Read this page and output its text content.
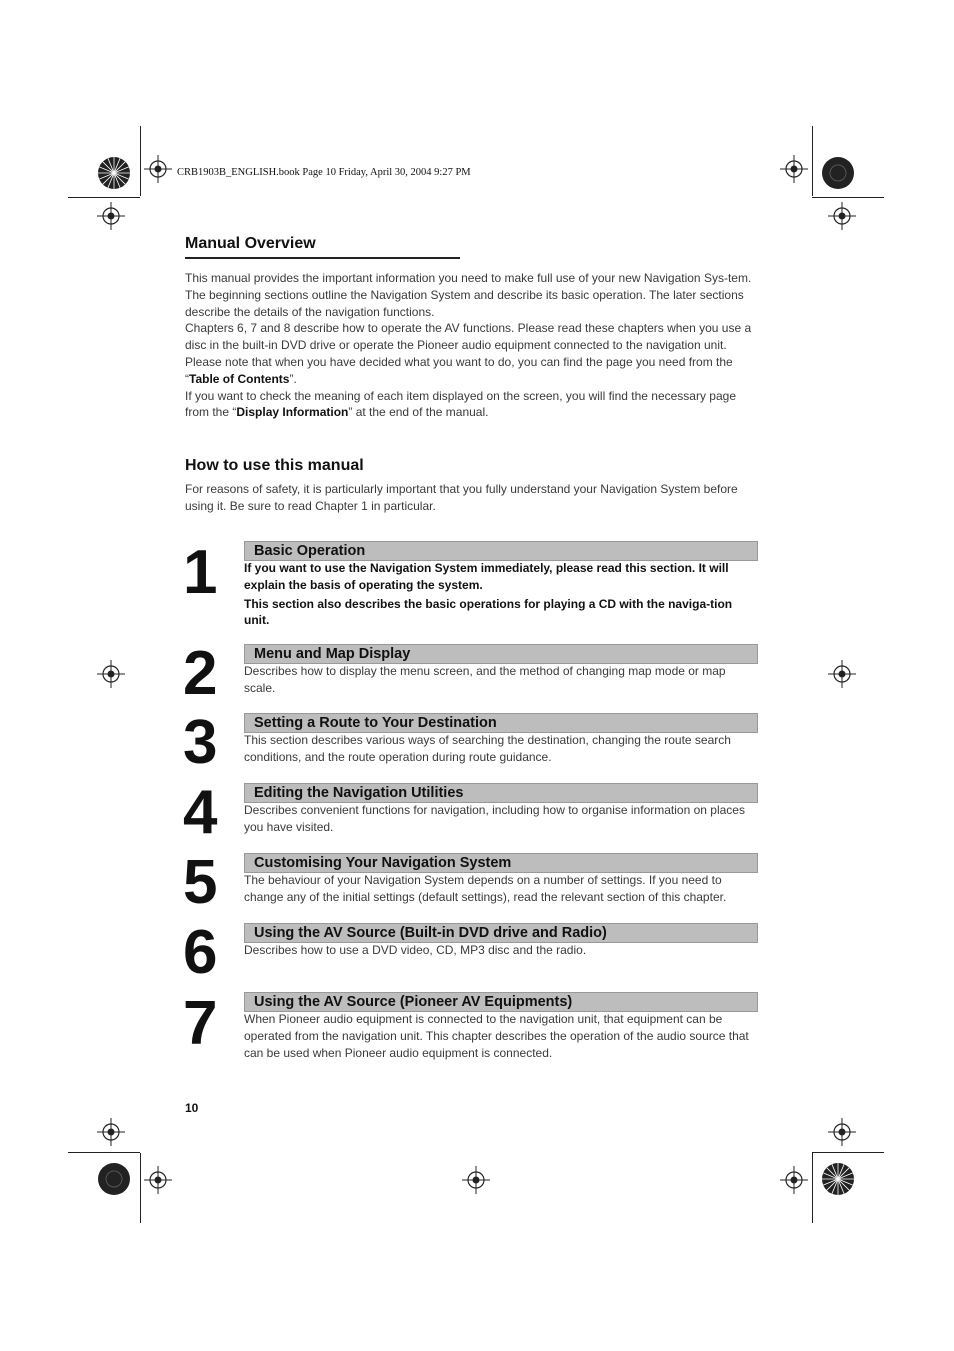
CRB1903B_ENGLISH.book Page 10 Friday, April 30, 2004 9:27 PM
Manual Overview

This manual provides the important information you need to make full use of your new Navigation Sys-tem. The beginning sections outline the Navigation System and describe its basic operation. The later sections describe the details of the navigation functions.

Chapters 6, 7 and 8 describe how to operate the AV functions. Please read these chapters when you use a disc in the built-in DVD drive or operate the Pioneer audio equipment connected to the navigation unit.

Please note that when you have decided what you want to do, you can find the page you need from the “Table of Contents”.

If you want to check the meaning of each item displayed on the screen, you will find the necessary page from the “Display Information” at the end of the manual.

How to use this manual
For reasons of safety, it is particularly important that you fully understand your Navigation System before using it. Be sure to read Chapter 1 in particular.
1	Basic Operation

If you want to use the Navigation System immediately, please read this section. It will explain the basis of operating the system.

This section also describes the basic operations for playing a CD with the naviga-tion unit.

2	Menu and Map Display
Describes how to display the menu screen, and the method of changing map mode or map scale.
3	Setting a Route to Your Destination
This section describes various ways of searching the destination, changing the route search conditions, and the route operation during route guidance.
4	Editing the Navigation Utilities
Describes convenient functions for navigation, including how to organise information on places you have visited.
5	Customising Your Navigation System
The behaviour of your Navigation System depends on a number of settings. If you need to change any of the initial settings (default settings), read the relevant section of this chapter.
6	Using the AV Source (Built-in DVD drive and Radio)
Describes how to use a DVD video, CD, MP3 disc and the radio.
7	Using the AV Source (Pioneer AV Equipments)
When Pioneer audio equipment is connected to the navigation unit, that equipment can be operated from the navigation unit. This chapter describes the operation of the audio source that can be used when Pioneer audio equipment is connected.
10
